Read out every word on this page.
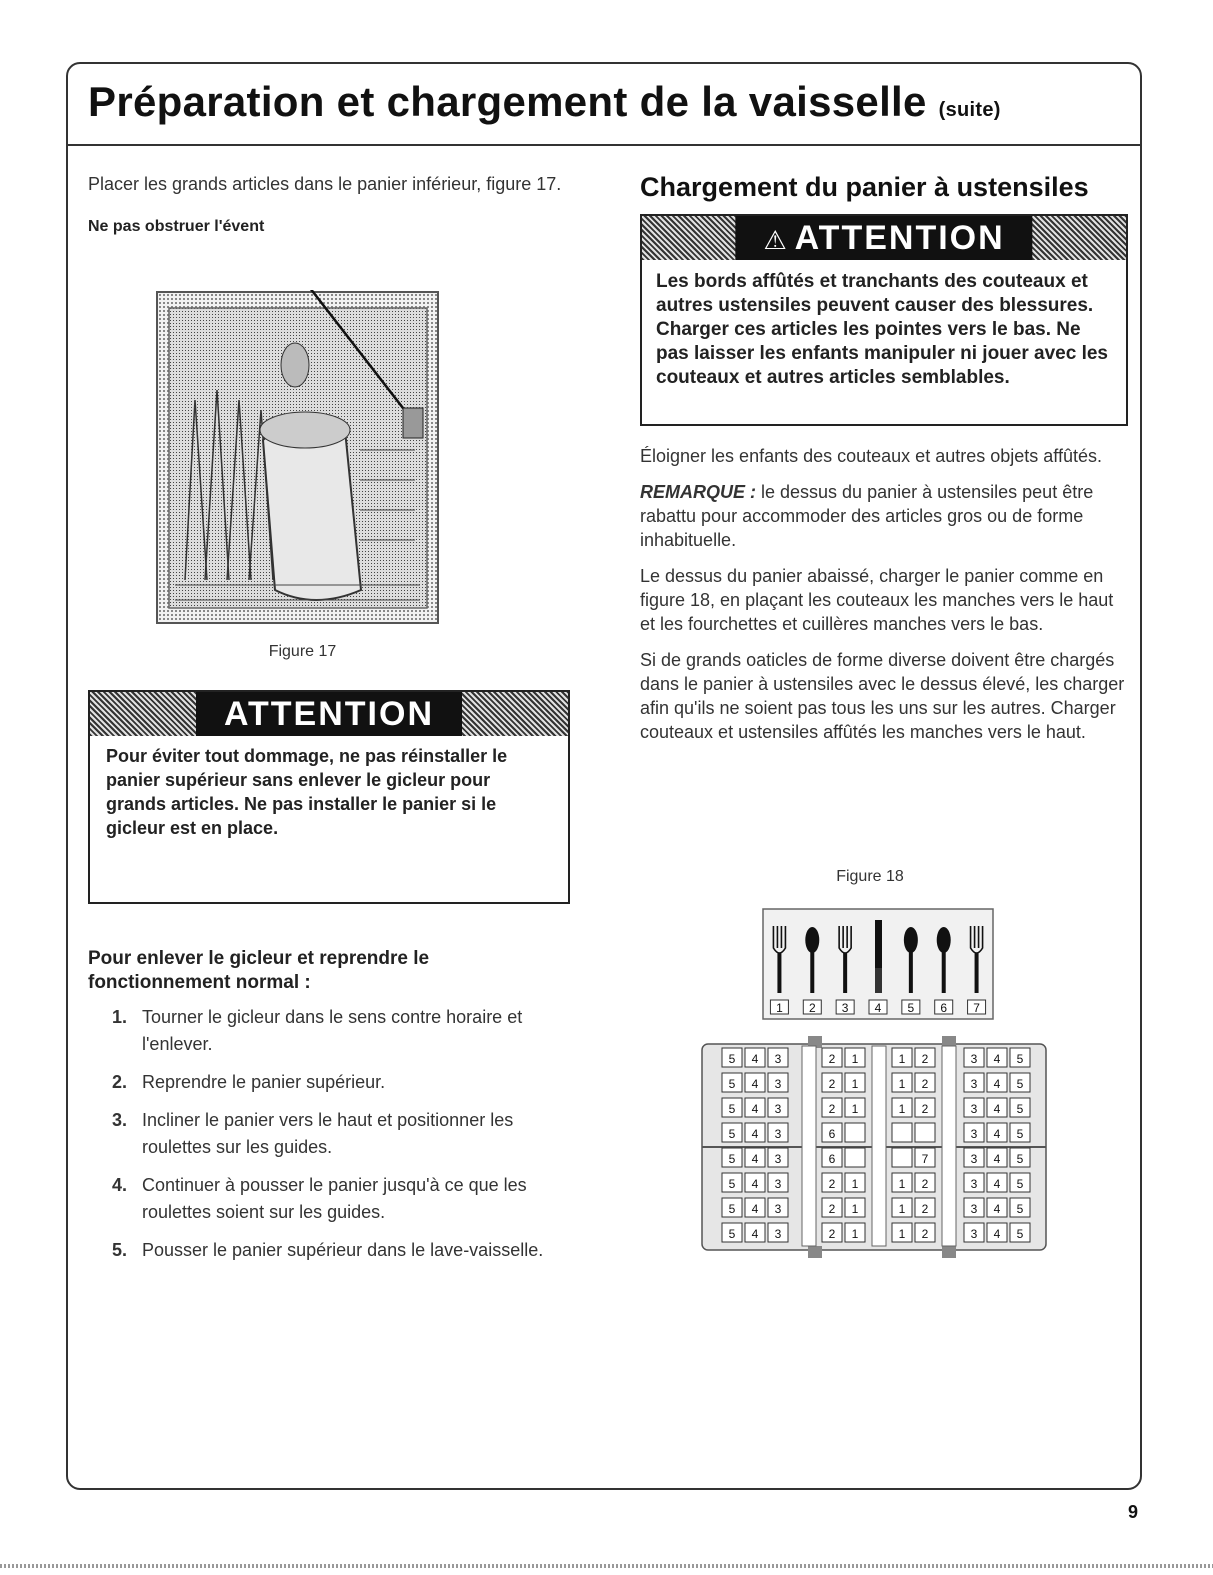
Préparation et chargement de la vaisselle (suite)

Placer les grands articles dans le panier inférieur, figure 17.

Ne pas obstruer l'évent

Figure 17
ATTENTION
Pour éviter tout dommage, ne pas réinstaller le panier supérieur sans enlever le gicleur pour grands articles. Ne pas installer le panier si le gicleur est en place.
Pour enlever le gicleur et reprendre le fonctionnement normal :
1. Tourner le gicleur dans le sens contre horaire et l'enlever.
2. Reprendre le panier supérieur.
3. Incliner le panier vers le haut et positionner les roulettes sur les guides.
4. Continuer à pousser le panier jusqu'à ce que les roulettes soient sur les guides.
5. Pousser le panier supérieur dans le lave-vaisselle.
Chargement du panier à ustensiles
⚠ ATTENTION
Les bords affûtés et tranchants des couteaux et autres ustensiles peuvent causer des blessures. Charger ces articles les pointes vers le bas. Ne pas laisser les enfants manipuler ni jouer avec les couteaux et autres articles semblables.

Éloigner les enfants des couteaux et autres objets affûtés.

REMARQUE : le dessus du panier à ustensiles peut être rabattu pour accommoder des articles gros ou de forme inhabituelle.

Le dessus du panier abaissé, charger le panier comme en figure 18, en plaçant les couteaux les manches vers le haut et les fourchettes et cuillères manches vers le bas.

Si de grands oaticles de forme diverse doivent être chargés dans le panier à ustensiles avec le dessus élevé, les charger afin qu'ils ne soient pas tous les uns sur les autres. Charger couteaux et ustensiles affûtés les manches vers le haut.

Figure 18
1 2 3 4 5 6 7
5 4 3	2 1	1 2	3 4 5
5 4 3	2 1	1 2	3 4 5
5 4 3	2 1	1 2	3 4 5
5 4 3	6	3 4 5
5 4 3	6	7	3 4 5
5 4 3	2 1	1 2	3 4 5
5 4 3	2 1	1 2	3 4 5
5 4 3	2 1	1 2	3 4 5
9
